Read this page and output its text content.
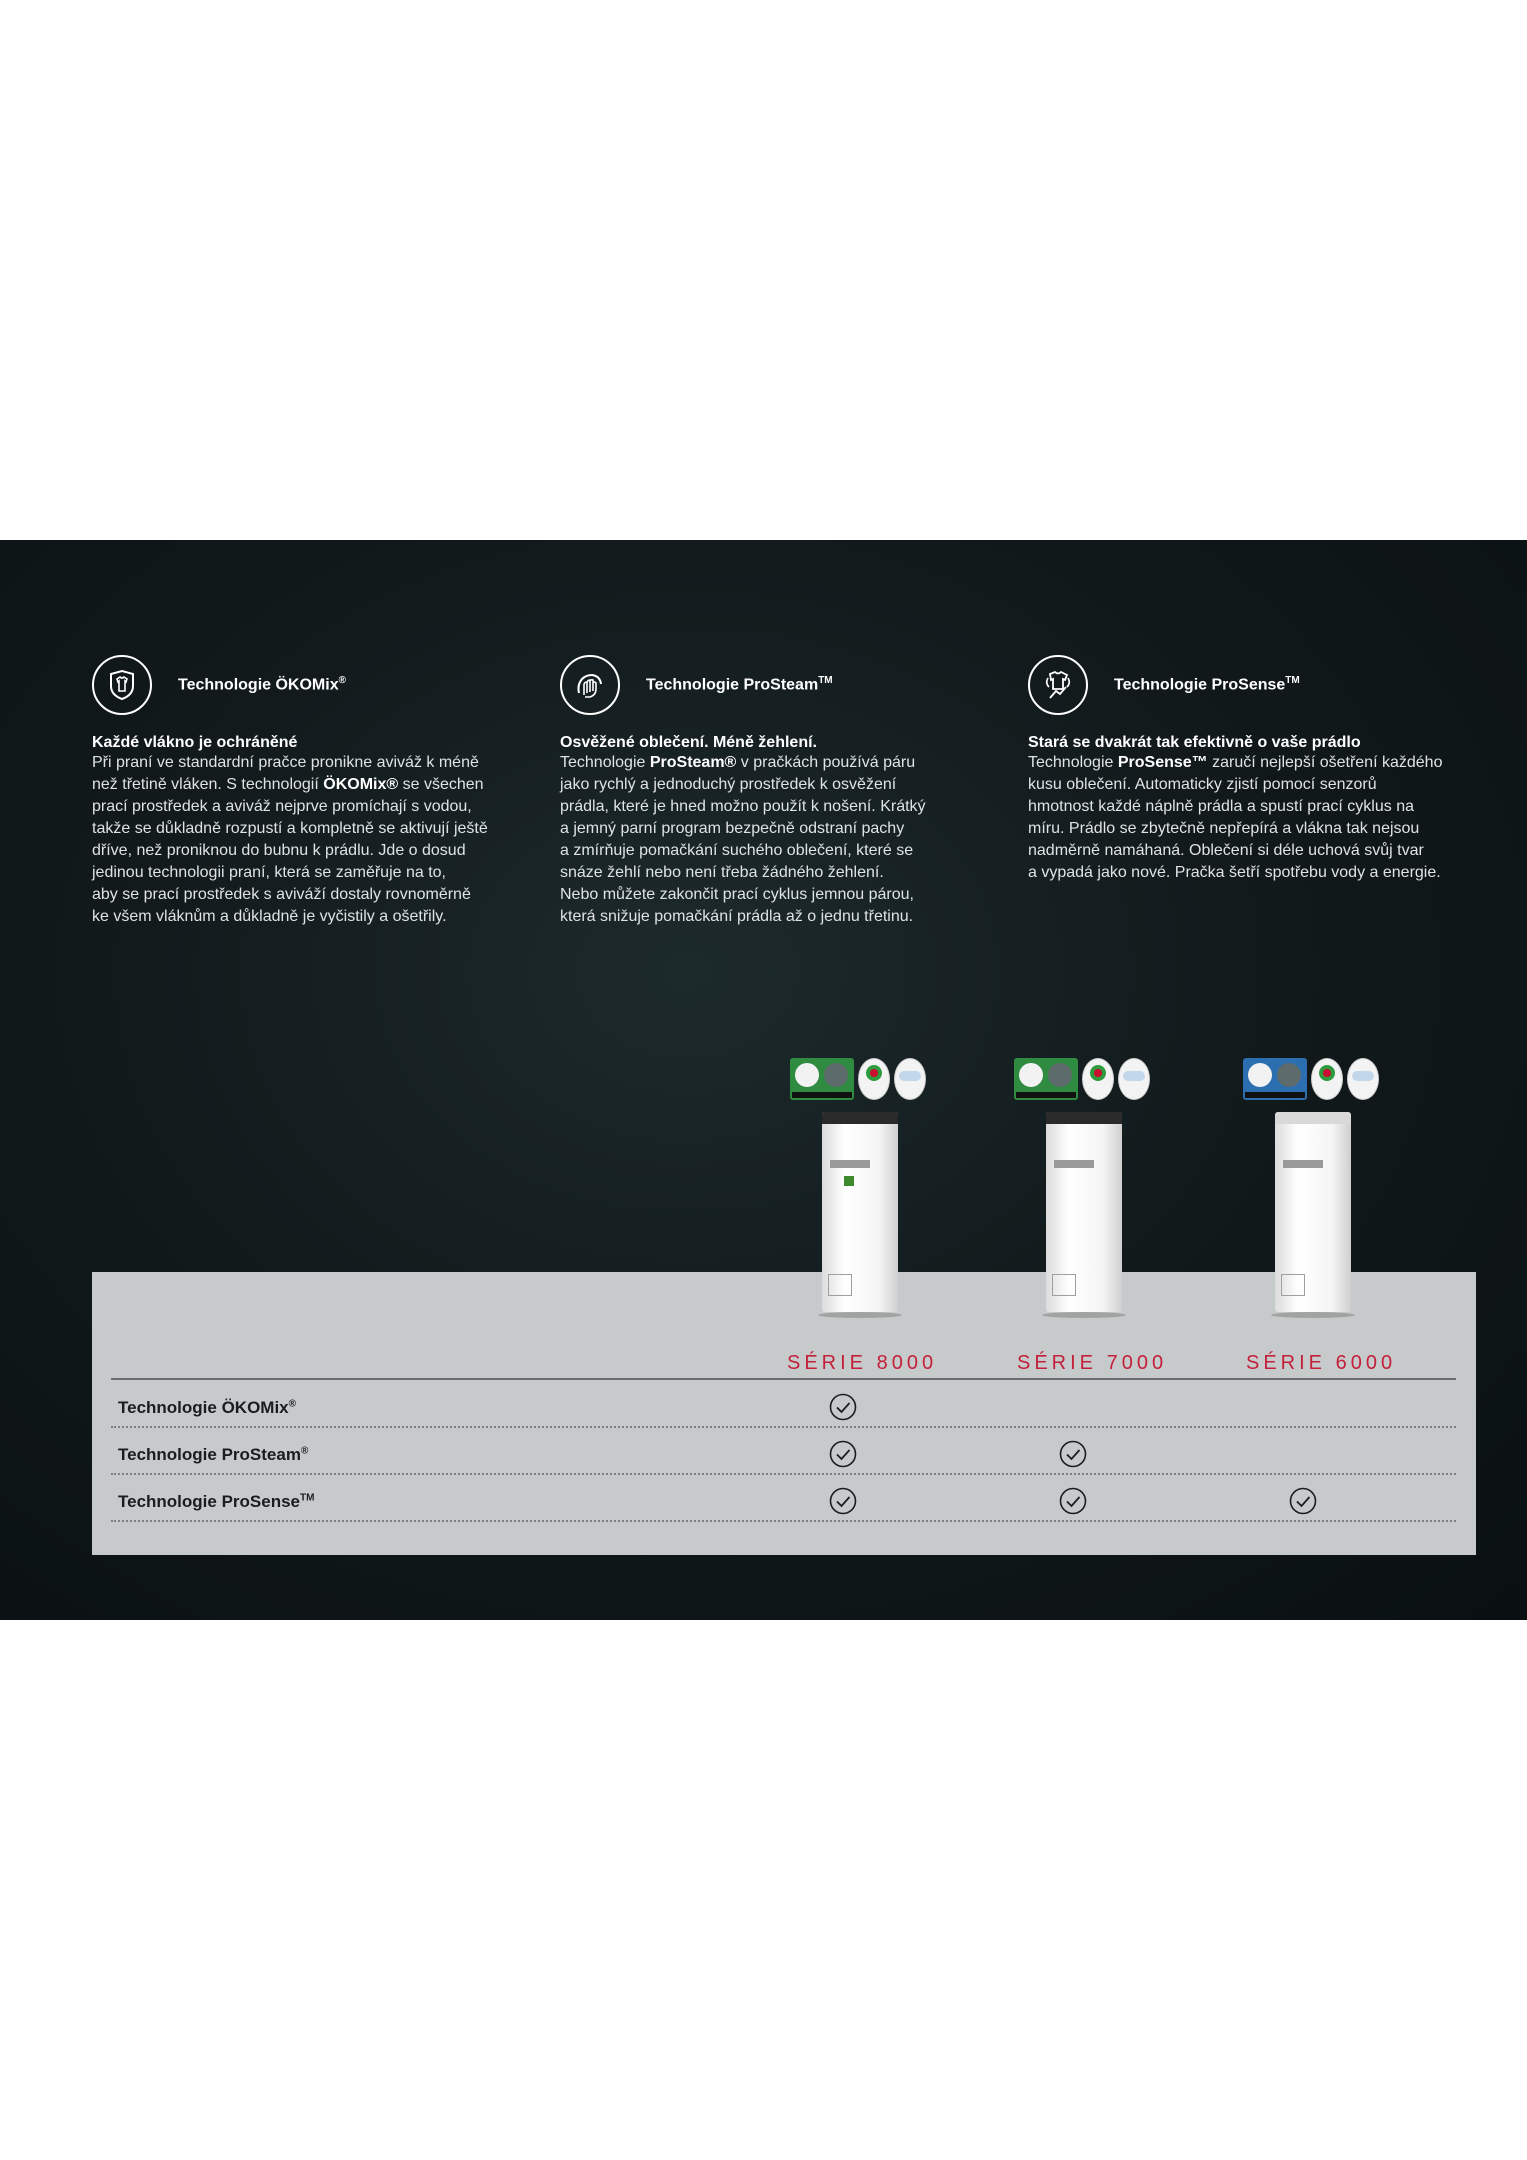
Technologie ÖKOMix®
Každé vlákno je ochráněné
Při praní ve standardní pračce pronikne aviváž k méně
než třetině vláken. S technologií ÖKOMix® se všechen
prací prostředek a aviváž nejprve promíchají s vodou,
takže se důkladně rozpustí a kompletně se aktivují ještě
dříve, než proniknou do bubnu k prádlu. Jde o dosud
jedinou technologii praní, která se zaměřuje na to,
aby se prací prostředek s aviváží dostaly rovnoměrně
ke všem vláknům a důkladně je vyčistily a ošetřily.
Technologie ProSteam™
Osvěžené oblečení. Méně žehlení.
Technologie ProSteam® v pračkách používá páru
jako rychlý a jednoduchý prostředek k osvěžení
prádla, které je hned možno použít k nošení. Krátký
a jemný parní program bezpečně odstraní pachy
a zmírňuje pomačkání suchého oblečení, které se
snáze žehlí nebo není třeba žádného žehlení.
Nebo můžete zakončit prací cyklus jemnou párou,
která snižuje pomačkání prádla až o jednu třetinu.
Technologie ProSense™
Stará se dvakrát tak efektivně o vaše prádlo
Technologie ProSense™ zaručí nejlepší ošetření každého
kusu oblečení. Automaticky zjistí pomocí senzorů
hmotnost každé náplně prádla a spustí prací cyklus na
míru. Prádlo se zbytečně nepřepírá a vlákna tak nejsou
nadměrně namáhaná. Oblečení si déle uchová svůj tvar
a vypadá jako nové. Pračka šetří spotřebu vody a energie.
SÉRIE 8000	SÉRIE 7000	SÉRIE 6000
Technologie ÖKOMix®
Technologie ProSteam®
Technologie ProSense™
